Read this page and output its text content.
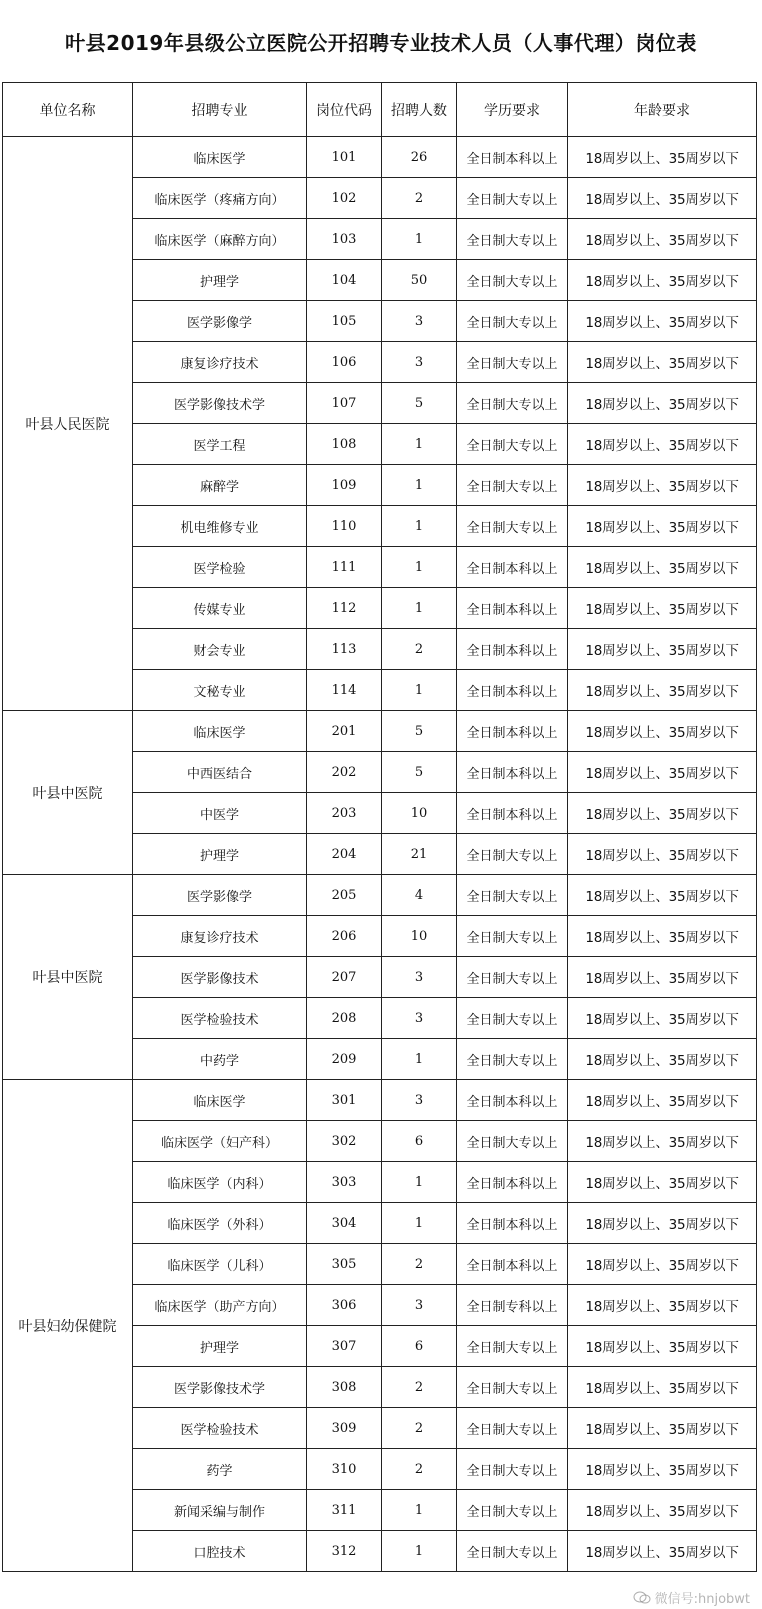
叶县2019年县级公立医院公开招聘专业技术人员（人事代理）岗位表
单位名称	招聘专业	岗位代码	招聘人数	学历要求	年龄要求
叶县人民医院	临床医学	101	26	全日制本科以上	18周岁以上、35周岁以下
	临床医学（疼痛方向）	102	2	全日制大专以上	18周岁以上、35周岁以下
	临床医学（麻醉方向）	103	1	全日制大专以上	18周岁以上、35周岁以下
	护理学	104	50	全日制大专以上	18周岁以上、35周岁以下
	医学影像学	105	3	全日制大专以上	18周岁以上、35周岁以下
	康复诊疗技术	106	3	全日制大专以上	18周岁以上、35周岁以下
	医学影像技术学	107	5	全日制大专以上	18周岁以上、35周岁以下
	医学工程	108	1	全日制大专以上	18周岁以上、35周岁以下
	麻醉学	109	1	全日制大专以上	18周岁以上、35周岁以下
	机电维修专业	110	1	全日制大专以上	18周岁以上、35周岁以下
	医学检验	111	1	全日制本科以上	18周岁以上、35周岁以下
	传媒专业	112	1	全日制本科以上	18周岁以上、35周岁以下
	财会专业	113	2	全日制本科以上	18周岁以上、35周岁以下
	文秘专业	114	1	全日制本科以上	18周岁以上、35周岁以下
叶县中医院	临床医学	201	5	全日制本科以上	18周岁以上、35周岁以下
	中西医结合	202	5	全日制本科以上	18周岁以上、35周岁以下
	中医学	203	10	全日制本科以上	18周岁以上、35周岁以下
	护理学	204	21	全日制大专以上	18周岁以上、35周岁以下
叶县中医院	医学影像学	205	4	全日制大专以上	18周岁以上、35周岁以下
	康复诊疗技术	206	10	全日制大专以上	18周岁以上、35周岁以下
	医学影像技术	207	3	全日制大专以上	18周岁以上、35周岁以下
	医学检验技术	208	3	全日制大专以上	18周岁以上、35周岁以下
	中药学	209	1	全日制大专以上	18周岁以上、35周岁以下
叶县妇幼保健院	临床医学	301	3	全日制本科以上	18周岁以上、35周岁以下
	临床医学（妇产科）	302	6	全日制大专以上	18周岁以上、35周岁以下
	临床医学（内科）	303	1	全日制本科以上	18周岁以上、35周岁以下
	临床医学（外科）	304	1	全日制本科以上	18周岁以上、35周岁以下
	临床医学（儿科）	305	2	全日制本科以上	18周岁以上、35周岁以下
	临床医学（助产方向）	306	3	全日制专科以上	18周岁以上、35周岁以下
	护理学	307	6	全日制大专以上	18周岁以上、35周岁以下
	医学影像技术学	308	2	全日制大专以上	18周岁以上、35周岁以下
	医学检验技术	309	2	全日制大专以上	18周岁以上、35周岁以下
	药学	310	2	全日制大专以上	18周岁以上、35周岁以下
	新闻采编与制作	311	1	全日制大专以上	18周岁以上、35周岁以下
	口腔技术	312	1	全日制大专以上	18周岁以上、35周岁以下
微信号:hnjobwt
